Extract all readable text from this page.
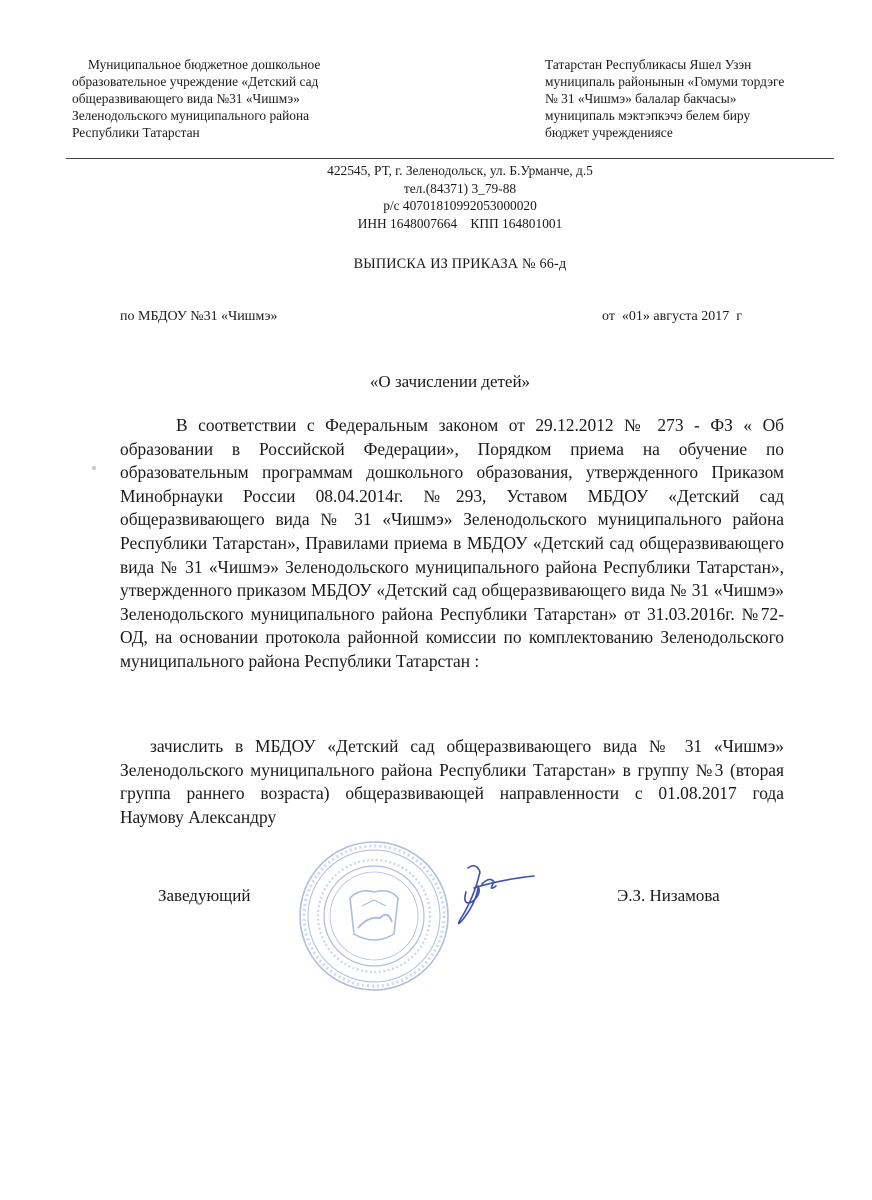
Муниципальное бюджетное дошкольное
образовательное учреждение «Детский сад
общеразвивающего вида №31 «Чишмэ»
Зеленодольского муниципального района
Республики Татарстан
Татарстан Республикасы Яшел Узэн
муниципаль районынын «Гомуми тордэге
№ 31 «Чишмэ» балалар бакчасы»
муниципаль мэктэпкэчэ белем биру
бюджет учреждениясе
422545, РТ, г. Зеленодольск, ул. Б.Урманче, д.5
тел.(84371) 3_79-88
р/с 40701810992053000020
ИНН 1648007664    КПП 164801001
ВЫПИСКА ИЗ ПРИКАЗА № 66-д
по МБДОУ №31 «Чишмэ»	от  «01» августа 2017  г
«О зачислении детей»
В соответствии с Федеральным законом от 29.12.2012 № 273 - ФЗ « Об образовании в Российской Федерации», Порядком приема на обучение по образовательным программам дошкольного образования, утвержденного Приказом Минобрнауки России 08.04.2014г. №293, Уставом МБДОУ «Детский сад общеразвивающего вида № 31 «Чишмэ» Зеленодольского муниципального района Республики Татарстан», Правилами приема в МБДОУ «Детский сад общеразвивающего вида № 31 «Чишмэ» Зеленодольского муниципального района Республики Татарстан», утвержденного приказом МБДОУ «Детский сад общеразвивающего вида № 31 «Чишмэ» Зеленодольского муниципального района Республики Татарстан» от 31.03.2016г. №72-ОД, на основании протокола районной комиссии по комплектованию Зеленодольского муниципального района Республики Татарстан :
зачислить в МБДОУ «Детский сад общеразвивающего вида № 31 «Чишмэ» Зеленодольского муниципального района Республики Татарстан» в группу №3 (вторая группа раннего возраста) общеразвивающей направленности с 01.08.2017 года    Наумову Александру
Заведующий	Э.З. Низамова
